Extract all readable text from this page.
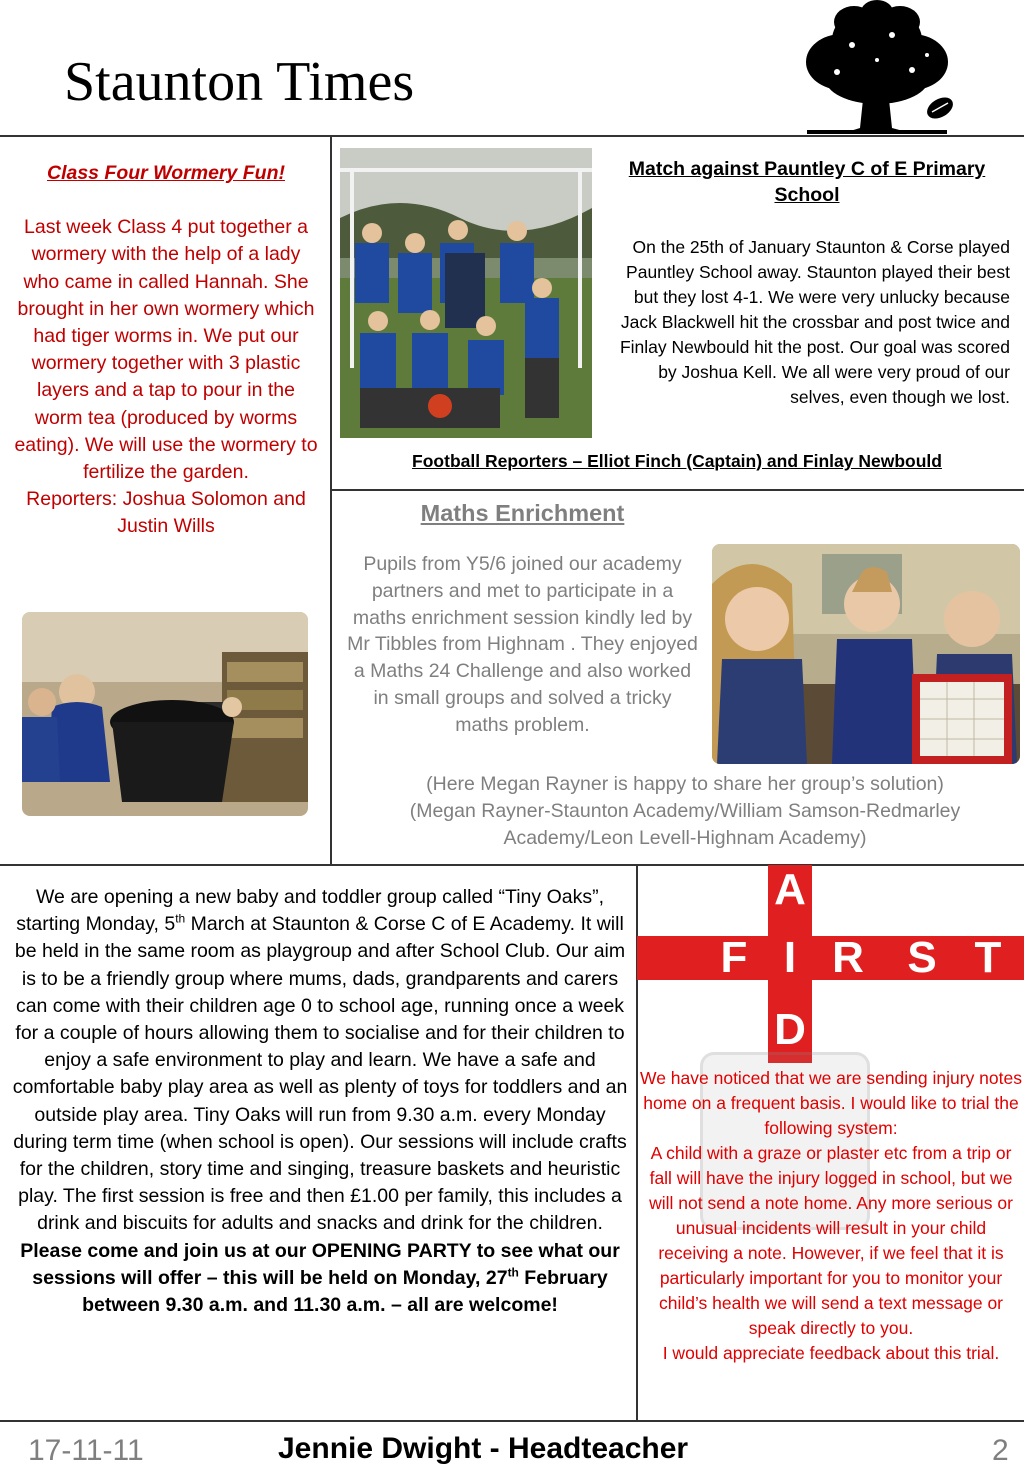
Staunton Times
Class Four Wormery Fun!
Last week Class 4 put together a wormery with the help of a lady who came in called Hannah. She brought in her own wormery which had tiger worms in. We put our wormery together with 3 plastic layers and a tap to pour in the worm tea (produced by worms eating). We will use the wormery to fertilize the garden.
Reporters: Joshua Solomon and Justin Wills
Match against Pauntley C of E Primary School
On the 25th of January Staunton & Corse played Pauntley School away. Staunton played their best but they lost 4-1. We were very unlucky because Jack Blackwell hit the crossbar and post twice and Finlay Newbould hit the post. Our goal was scored by Joshua Kell. We all were very proud of our selves, even though we lost.
Football Reporters – Elliot Finch (Captain) and Finlay Newbould
Maths Enrichment
Pupils from Y5/6 joined our academy partners and met to participate in a maths enrichment session kindly led by Mr Tibbles from Highnam . They enjoyed a Maths 24 Challenge and also worked in small groups and solved a tricky maths problem.
(Here Megan Rayner is happy to share her group’s solution)
(Megan Rayner-Staunton Academy/William Samson-Redmarley Academy/Leon Levell-Highnam Academy)
We are opening a new baby and toddler group called “Tiny Oaks”, starting Monday, 5th March at Staunton & Corse C of E Academy. It will be held in the same room as playgroup and after School Club. Our aim is to be a friendly group where mums, dads, grandparents and carers can come with their children age 0 to school age, running once a week for a couple of hours allowing them to socialise and for their children to enjoy a safe environment to play and learn. We have a safe and comfortable baby play area as well as plenty of toys for toddlers and an outside play area. Tiny Oaks will run from 9.30 a.m. every Monday during term time (when school is open). Our sessions will include crafts for the children, story time and singing, treasure baskets and heuristic play. The first session is free and then £1.00 per family, this includes a drink and biscuits for adults and snacks and drink for the children. Please come and join us at our OPENING PARTY to see what our sessions will offer – this will be held on Monday, 27th February between 9.30 a.m. and 11.30 a.m. – all are welcome!
A
F I R S T
D
We have noticed that we are sending injury notes home on a frequent basis. I would like to trial the following system:
A child with a graze or plaster etc from a trip or fall will have the injury logged in school, but we will not send a note home. Any more serious or unusual incidents will result in your child receiving a note. However, if we feel that it is particularly important for you to monitor your child’s health we will send a text message or speak directly to you.
I would appreciate feedback about this trial.
17-11-11	Jennie Dwight - Headteacher	2
